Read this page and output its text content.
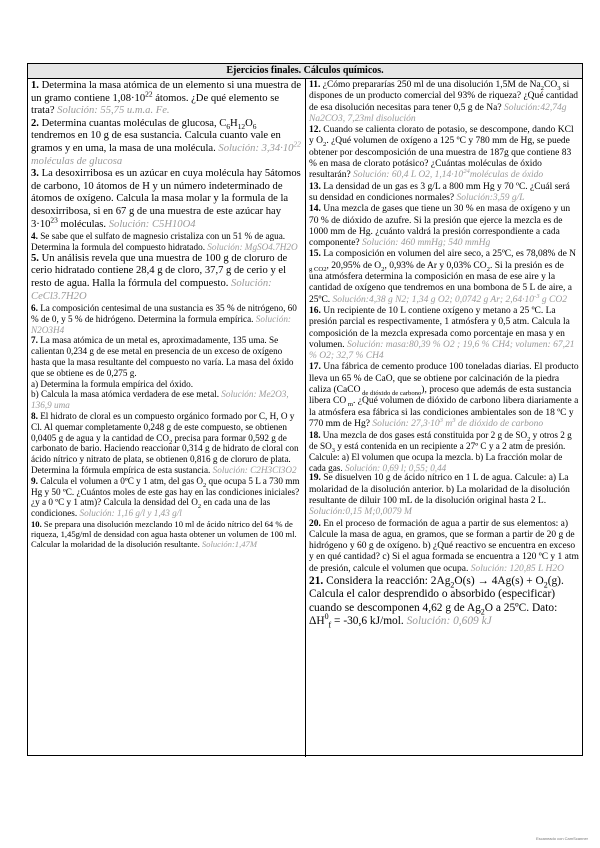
Ejercicios finales. Cálculos químicos.

1. Determina la masa atómica de un elemento si una muestra de un gramo contiene $1,08\cdot 10^{22}$ átomos. ¿De qué elemento se trata? Solución: 55,75 u.m.a. Fe.

2. Determina cuantas moléculas de glucosa, $C_6H_{12}O_6$ tendremos en 10 g de esa sustancia. Calcula cuanto vale en gramos y en uma, la masa de una molécula. Solución: $3,34\cdot 10^{22}$ moléculas de glucosa

3. La desoxirribosa es un azúcar en cuya molécula hay 5átomos de carbono, 10 átomos de H y un número indeterminado de átomos de oxígeno. Calcula la masa molar y la formula de la desoxirribosa, si en 67 g de una muestra de este azúcar hay $3\cdot 10^{23}$ moléculas. Solución: C5H10O4

4. Se sabe que el sulfato de magnesio cristaliza con un 51 % de agua. Determina la formula del compuesto hidratado. Solución: MgSO4.7H2O

5. Un análisis revela que una muestra de 100 g de cloruro de cerio hidratado contiene 28,4 g de cloro, 37,7 g de cerio y el resto de agua. Halla la fórmula del compuesto. Solución: CeCl3.7H2O

6. La composición centesimal de una sustancia es 35 % de nitrógeno, 60 % de 0, y 5 % de hidrógeno. Determina la formula empírica. Solución: N2O3H4

7. La masa atómica de un metal es, aproximadamente, 135 uma. Se calientan 0,234 g de ese metal en presencia de un exceso de oxígeno hasta que la masa resultante del compuesto no varía. La masa del óxido que se obtiene es de 0,275 g.
a) Determina la formula empírica del óxido.
b) Calcula la masa atómica verdadera de ese metal. Solución: Me2O3, 136,9 uma

8. El hidrato de cloral es un compuesto orgánico formado por C, H, O y Cl. Al quemar completamente 0,248 g de este compuesto, se obtienen 0,0405 g de agua y la cantidad de $CO_2$ precisa para formar 0,592 g de carbonato de bario. Haciendo reaccionar 0,314 g de hidrato de cloral con ácido nítrico y nitrato de plata, se obtienen 0,816 g de cloruro de plata. Determina la fórmula empírica de esta sustancia. Solución: C2H3Cl3O2

9. Calcula el volumen a 0ºC y 1 atm, del gas $O_2$ que ocupa 5 L a 730 mm Hg y 50 ºC. ¿Cuántos moles de este gas hay en las condiciones iniciales? ¿y a 0 ºC y 1 atm)? Calcula la densidad del $O_2$ en cada una de las condiciones. Solución: 1,16 g/l y 1,43 g/l

10. Se prepara una disolución mezclando 10 ml de ácido nítrico del 64 % de riqueza, 1,45g/ml de densidad con agua hasta obtener un volumen de 100 ml. Calcular la molaridad de la disolución resultante. Solución:1,47M

11. ¿Cómo prepararías 250 ml de una disolución 1,5M de $Na_2CO_3$ si dispones de un producto comercial del 93% de riqueza? ¿Qué cantidad de esa disolución necesitas para tener 0,5 g de Na? Solución:42,74g Na2CO3, 7,23ml disolución

12. Cuando se calienta clorato de potasio, se descompone, dando KCl y $O_2$. ¿Qué volumen de oxígeno a 125 ºC y 780 mm de Hg, se puede obtener por descomposición de una muestra de 187g que contiene 83 % en masa de clorato potásico? ¿Cuántas moléculas de óxido resultarán? Solución: 60,4 L O2, $1,14\cdot 10^{24}moléculas$ de óxido

13. La densidad de un gas es 3 g/L a 800 mm Hg y 70 ºC. ¿Cuál será su densidad en condiciones normales? Solución:3,59 g/L

14. Una mezcla de gases que tiene un 30 % en masa de oxígeno y un 70 % de dióxido de azufre. Si la presión que ejerce la mezcla es de 1000 mm de Hg. ¿cuánto valdrá la presión correspondiente a cada componente? Solución: 460 mmHg; 540 mmHg

15. La composición en volumen del aire seco, a 25ºC, es 78,08% de N $_{g CO2}$, 20,95% de $O_2$, 0,93% de Ar y 0,03% $CO_2$. Si la presión es de una atmósfera determina la composición en masa de ese aire y la cantidad de oxígeno que tendremos en una bombona de 5 L de aire, a 25ºC. Solución:4,38 g N2; 1,34 g O2; 0,0742 g Ar; $2,64\cdot 10^{-3}$ g CO2

16. Un recipiente de 10 L contiene oxígeno y metano a 25 ºC. La presión parcial es respectivamente, 1 atmósfera y 0,5 atm. Calcula la composición de la mezcla expresada como porcentaje en masa y en volumen. Solución: masa:80,39 % O2 ; 19,6 % CH4; volumen: 67,21 % O2; 32,7 % CH4

17. Una fábrica de cemento produce 100 toneladas diarias. El producto lleva un 65 % de CaO, que se obtiene por calcinación de la piedra caliza (CaCO $_{de dióxido de carbono}$), proceso que además de esta sustancia libera CO $_m$. ¿Qué volumen de dióxido de carbono libera diariamente a la atmósfera esa fábrica si las condiciones ambientales son de 18 ºC y 770 mm de Hg? Solución: $27,3\cdot 10^3$ $m^3$ de dióxido de carbono

18. Una mezcla de dos gases está constituida por 2 g de $SO_2$ y otros 2 g de $SO_3$ y está contenida en un recipiente a 27º C y a 2 atm de presión. Calcule: a) El volumen que ocupa la mezcla. b) La fracción molar de cada gas. Solución: 0,69 l; 0,55; 0,44

19. Se disuelven 10 g de ácido nítrico en 1 L de agua. Calcule: a) La molaridad de la disolución anterior. b) La molaridad de la disolución resultante de diluir 100 mL de la disolución original hasta 2 L. Solución:0,15 M;0,0079 M

20. En el proceso de formación de agua a partir de sus elementos: a) Calcule la masa de agua, en gramos, que se forman a partir de 20 g de hidrógeno y 60 g de oxígeno. b) ¿Qué reactivo se encuentra en exceso y en qué cantidad? c) Si el agua formada se encuentra a 120 ºC y 1 atm de presión, calcule el volumen que ocupa. Solución: 120,85 L H2O

21. Considera la reacción: $2Ag_2O(s) \to 4Ag(s) + O_2(g)$. Calcula el calor desprendido o absorbido (especificar) cuando se descomponen 4,62 g de $Ag_2O$ a 25ºC. Dato: $\Delta H^0_f = -30,6$ kJ/mol. Solución: 0,609 kJ

Escaneado con CamScanner
